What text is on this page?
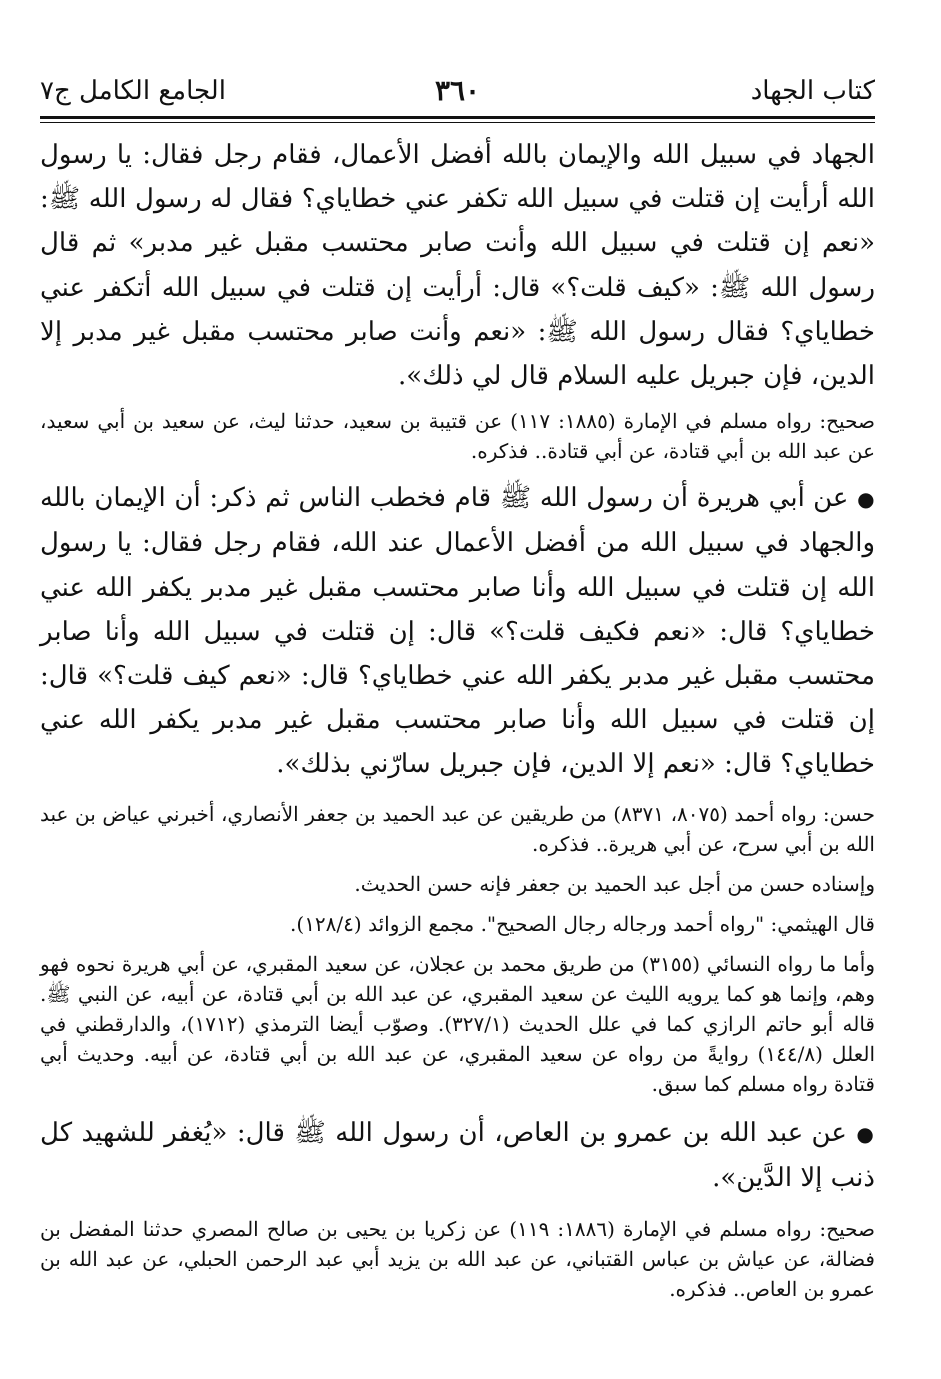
كتاب الجهاد
٣٦٠
الجامع الكامل ج٧

الجهاد في سبيل الله والإيمان بالله أفضل الأعمال، فقام رجل فقال: يا رسول الله أرأيت إن قتلت في سبيل الله تكفر عني خطاياي؟ فقال له رسول الله ﷺ: «نعم إن قتلت في سبيل الله وأنت صابر محتسب مقبل غير مدبر» ثم قال رسول الله ﷺ: «كيف قلت؟» قال: أرأيت إن قتلت في سبيل الله أتكفر عني خطاياي؟ فقال رسول الله ﷺ: «نعم وأنت صابر محتسب مقبل غير مدبر إلا الدين، فإن جبريل عليه السلام قال لي ذلك».

صحيح: رواه مسلم في الإمارة (١٨٨٥: ١١٧) عن قتيبة بن سعيد، حدثنا ليث، عن سعيد بن أبي سعيد، عن عبد الله بن أبي قتادة، عن أبي قتادة.. فذكره.

● عن أبي هريرة أن رسول الله ﷺ قام فخطب الناس ثم ذكر: أن الإيمان بالله والجهاد في سبيل الله من أفضل الأعمال عند الله، فقام رجل فقال: يا رسول الله إن قتلت في سبيل الله وأنا صابر محتسب مقبل غير مدبر يكفر الله عني خطاياي؟ قال: «نعم فكيف قلت؟» قال: إن قتلت في سبيل الله وأنا صابر محتسب مقبل غير مدبر يكفر الله عني خطاياي؟ قال: «نعم كيف قلت؟» قال: إن قتلت في سبيل الله وأنا صابر محتسب مقبل غير مدبر يكفر الله عني خطاياي؟ قال: «نعم إلا الدين، فإن جبريل سارّني بذلك».

حسن: رواه أحمد (٨٠٧٥، ٨٣٧١) من طريقين عن عبد الحميد بن جعفر الأنصاري، أخبرني عياض بن عبد الله بن أبي سرح، عن أبي هريرة.. فذكره.

وإسناده حسن من أجل عبد الحميد بن جعفر فإنه حسن الحديث.

قال الهيثمي: "رواه أحمد ورجاله رجال الصحيح". مجمع الزوائد (١٢٨/٤).

وأما ما رواه النسائي (٣١٥٥) من طريق محمد بن عجلان، عن سعيد المقبري، عن أبي هريرة نحوه فهو وهم، وإنما هو كما يرويه الليث عن سعيد المقبري، عن عبد الله بن أبي قتادة، عن أبيه، عن النبي ﷺ. قاله أبو حاتم الرازي كما في علل الحديث (٣٢٧/١). وصوّب أيضا الترمذي (١٧١٢)، والدارقطني في العلل (١٤٤/٨) روايةً من رواه عن سعيد المقبري، عن عبد الله بن أبي قتادة، عن أبيه. وحديث أبي قتادة رواه مسلم كما سبق.

● عن عبد الله بن عمرو بن العاص، أن رسول الله ﷺ قال: «يُغفر للشهيد كل ذنب إلا الدَّين».

صحيح: رواه مسلم في الإمارة (١٨٨٦: ١١٩) عن زكريا بن يحيى بن صالح المصري حدثنا المفضل بن فضالة، عن عياش بن عباس القتباني، عن عبد الله بن يزيد أبي عبد الرحمن الحبلي، عن عبد الله بن عمرو بن العاص.. فذكره.
